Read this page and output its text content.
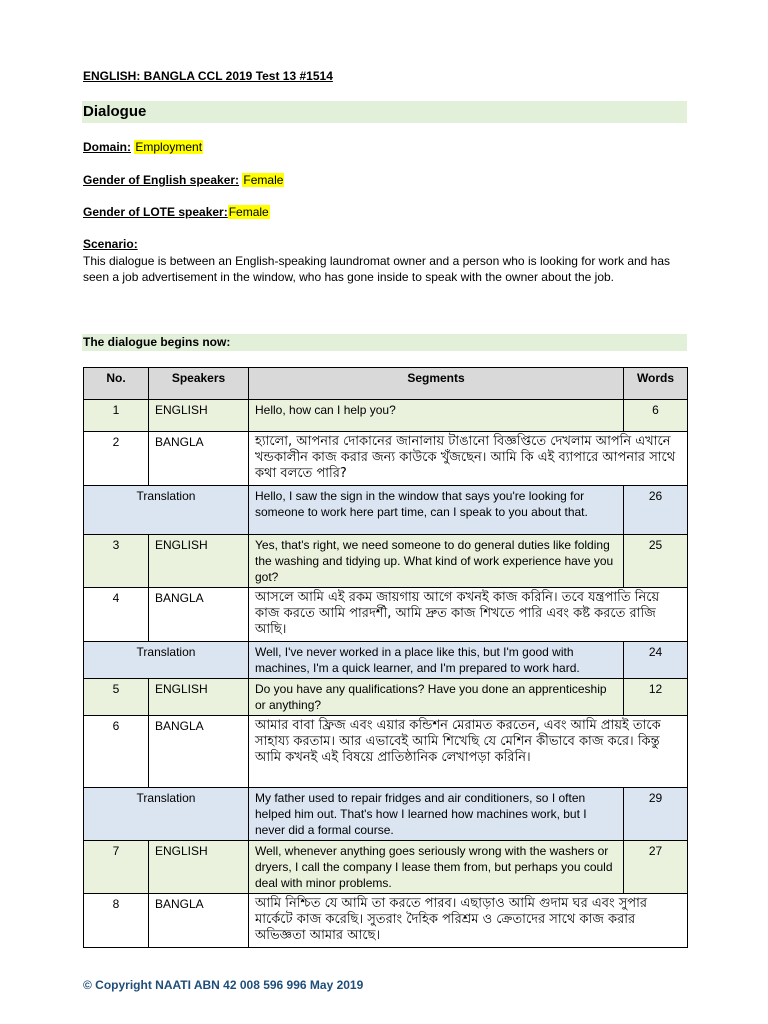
ENGLISH: BANGLA CCL 2019 Test 13 #1514
Dialogue
Domain: Employment
Gender of English speaker: Female
Gender of LOTE speaker:Female
Scenario:
This dialogue is between an English-speaking laundromat owner and a person who is looking for work and has seen a job advertisement in the window, who has gone inside to speak with the owner about the job.
The dialogue begins now:
No.	Speakers	Segments	Words
1	ENGLISH	Hello, how can I help you?	6
2	BANGLA	হ্যালো, আপনার দোকানের জানালায় টাঙানো বিজ্ঞপ্তিতে দেখলাম আপনি এখানে খন্ডকালীন কাজ করার জন্য কাউকে খুঁজছেন। আমি কি এই ব্যাপারে আপনার সাথে কথা বলতে পারি?	
Translation		Hello, I saw the sign in the window that says you're looking for someone to work here part time, can I speak to you about that.	26
3	ENGLISH	Yes, that's right, we need someone to do general duties like folding the washing and tidying up. What kind of work experience have you got?	25
4	BANGLA	আসলে আমি এই রকম জায়গায় আগে কখনই কাজ করিনি। তবে যন্ত্রপাতি নিয়ে কাজ করতে আমি পারদর্শী, আমি দ্রুত কাজ শিখতে পারি এবং কষ্ট করতে রাজি আছি।	
Translation		Well, I've never worked in a place like this, but I'm good with machines, I'm a quick learner, and I'm prepared to work hard.	24
5	ENGLISH	Do you have any qualifications? Have you done an apprenticeship or anything?	12
6	BANGLA	আমার বাবা ফ্রিজ এবং এয়ার কন্ডিশন মেরামত করতেন, এবং আমি প্রায়ই তাকে সাহায্য করতাম। আর এভাবেই আমি শিখেছি যে মেশিন কীভাবে কাজ করে। কিন্তু আমি কখনই এই বিষয়ে প্রাতিষ্ঠানিক লেখাপড়া করিনি।	
Translation		My father used to repair fridges and air conditioners, so I often helped him out. That's how I learned how machines work, but I never did a formal course.	29
7	ENGLISH	Well, whenever anything goes seriously wrong with the washers or dryers, I call the company I lease them from, but perhaps you could deal with minor problems.	27
8	BANGLA	আমি নিশ্চিত যে আমি তা করতে পারব। এছাড়াও আমি গুদাম ঘর এবং সুপার মার্কেটে কাজ করেছি। সুতরাং দৈহিক পরিশ্রম ও ক্রেতাদের সাথে কাজ করার অভিজ্ঞতা আমার আছে।	
© Copyright NAATI ABN 42 008 596 996 May 2019
